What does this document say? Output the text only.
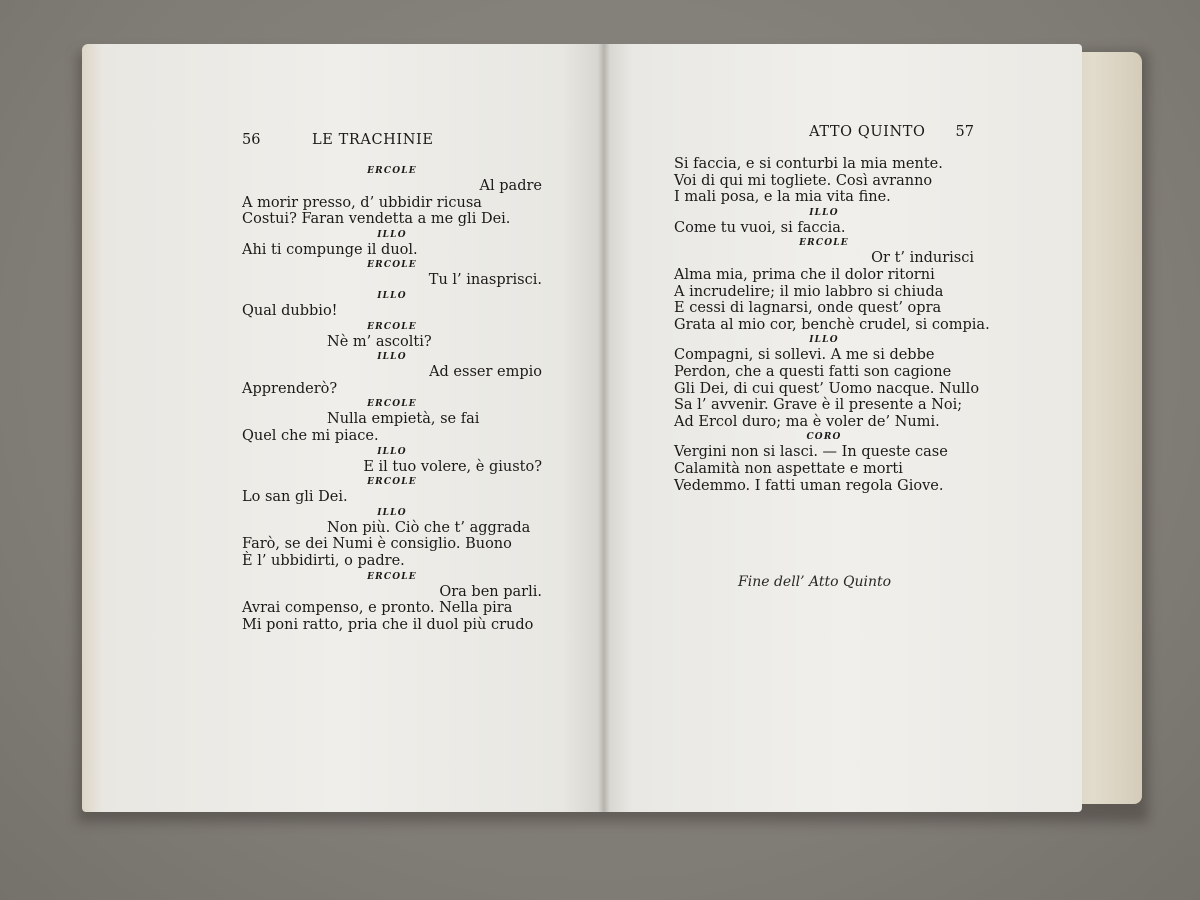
56	LE TRACHINIE
ERCOLE
Al padre
A morir presso, d’ ubbidir ricusa
Costui? Faran vendetta a me gli Dei.
ILLO
Ahi ti compunge il duol.
ERCOLE
Tu l’ inasprisci.
ILLO
Qual dubbio!
ERCOLE
Nè m’ ascolti?
ILLO
Ad esser empio
Apprenderò?
ERCOLE
Nulla empietà, se fai
Quel che mi piace.
ILLO
E il tuo volere, è giusto?
ERCOLE
Lo san gli Dei.
ILLO
Non più. Ciò che t’ aggrada
Farò, se dei Numi è consiglio. Buono
È l’ ubbidirti, o padre.
ERCOLE
Ora ben parli.
Avrai compenso, e pronto. Nella pira
Mi poni ratto, pria che il duol più crudo
ATTO QUINTO 57
Si faccia, e si conturbi la mia mente.
Voi di qui mi togliete. Così avranno
I mali posa, e la mia vita fine.
ILLO
Come tu vuoi, si faccia.
ERCOLE
Or t’ indurisci
Alma mia, prima che il dolor ritorni
A incrudelire; il mio labbro si chiuda
E cessi di lagnarsi, onde quest’ opra
Grata al mio cor, benchè crudel, si compia.
ILLO
Compagni, si sollevi. A me si debbe
Perdon, che a questi fatti son cagione
Gli Dei, di cui quest’ Uomo nacque. Nullo
Sa l’ avvenir. Grave è il presente a Noi;
Ad Ercol duro; ma è voler de’ Numi.
CORO
Vergini non si lasci. — In queste case
Calamità non aspettate e morti
Vedemmo. I fatti uman regola Giove.
Fine dell’ Atto Quinto
